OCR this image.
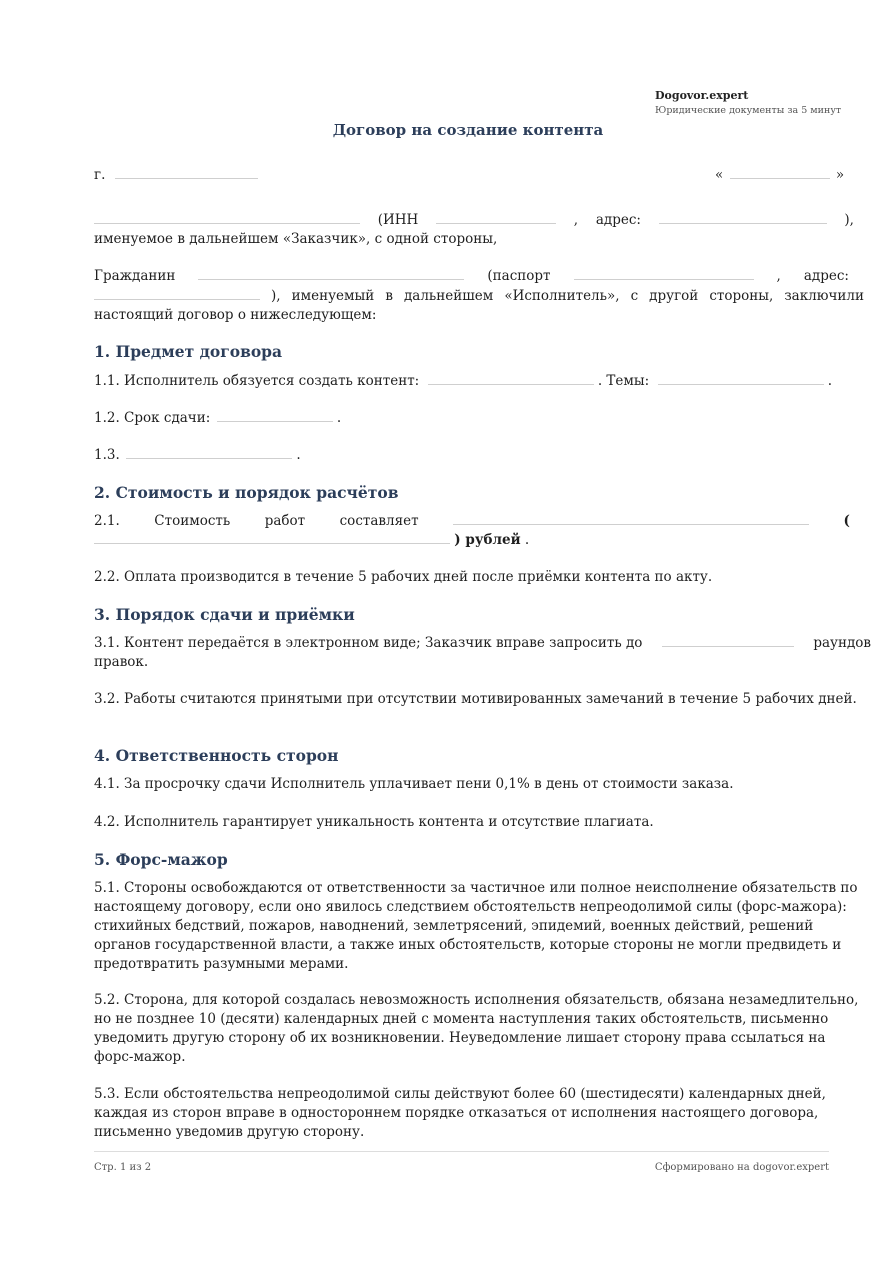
Dogovor.expert
Юридические документы за 5 минут
Договор на создание контента
г.	«	»
(ИНН	, адрес:	),
именуемое в дальнейшем «Заказчик», с одной стороны,
Гражданин	(паспорт	, адрес:
), именуемый в дальнейшем «Исполнитель», с другой стороны, заключили
настоящий договор о нижеследующем:
1. Предмет договора
1.1. Исполнитель обязуется создать контент:	. Темы:	.
1.2. Срок сдачи:	.
1.3.	.
2. Стоимость и порядок расчётов
2.1.	Стоимость	работ	составляет	(
) рублей .
2.2. Оплата производится в течение 5 рабочих дней после приёмки контента по акту.
3. Порядок сдачи и приёмки
3.1. Контент передаётся в электронном виде; Заказчик вправе запросить до	раундов
правок.
3.2. Работы считаются принятыми при отсутствии мотивированных замечаний в течение 5 рабочих дней.
4. Ответственность сторон
4.1. За просрочку сдачи Исполнитель уплачивает пени 0,1% в день от стоимости заказа.
4.2. Исполнитель гарантирует уникальность контента и отсутствие плагиата.
5. Форс-мажор
5.1. Стороны освобождаются от ответственности за частичное или полное неисполнение обязательств по настоящему договору, если оно явилось следствием обстоятельств непреодолимой силы (форс-мажора): стихийных бедствий, пожаров, наводнений, землетрясений, эпидемий, военных действий, решений органов государственной власти, а также иных обстоятельств, которые стороны не могли предвидеть и предотвратить разумными мерами.
5.2. Сторона, для которой создалась невозможность исполнения обязательств, обязана незамедлительно, но не позднее 10 (десяти) календарных дней с момента наступления таких обстоятельств, письменно уведомить другую сторону об их возникновении. Неуведомление лишает сторону права ссылаться на форс-мажор.
5.3. Если обстоятельства непреодолимой силы действуют более 60 (шестидесяти) календарных дней, каждая из сторон вправе в одностороннем порядке отказаться от исполнения настоящего договора, письменно уведомив другую сторону.
Стр. 1 из 2	Сформировано на dogovor.expert
